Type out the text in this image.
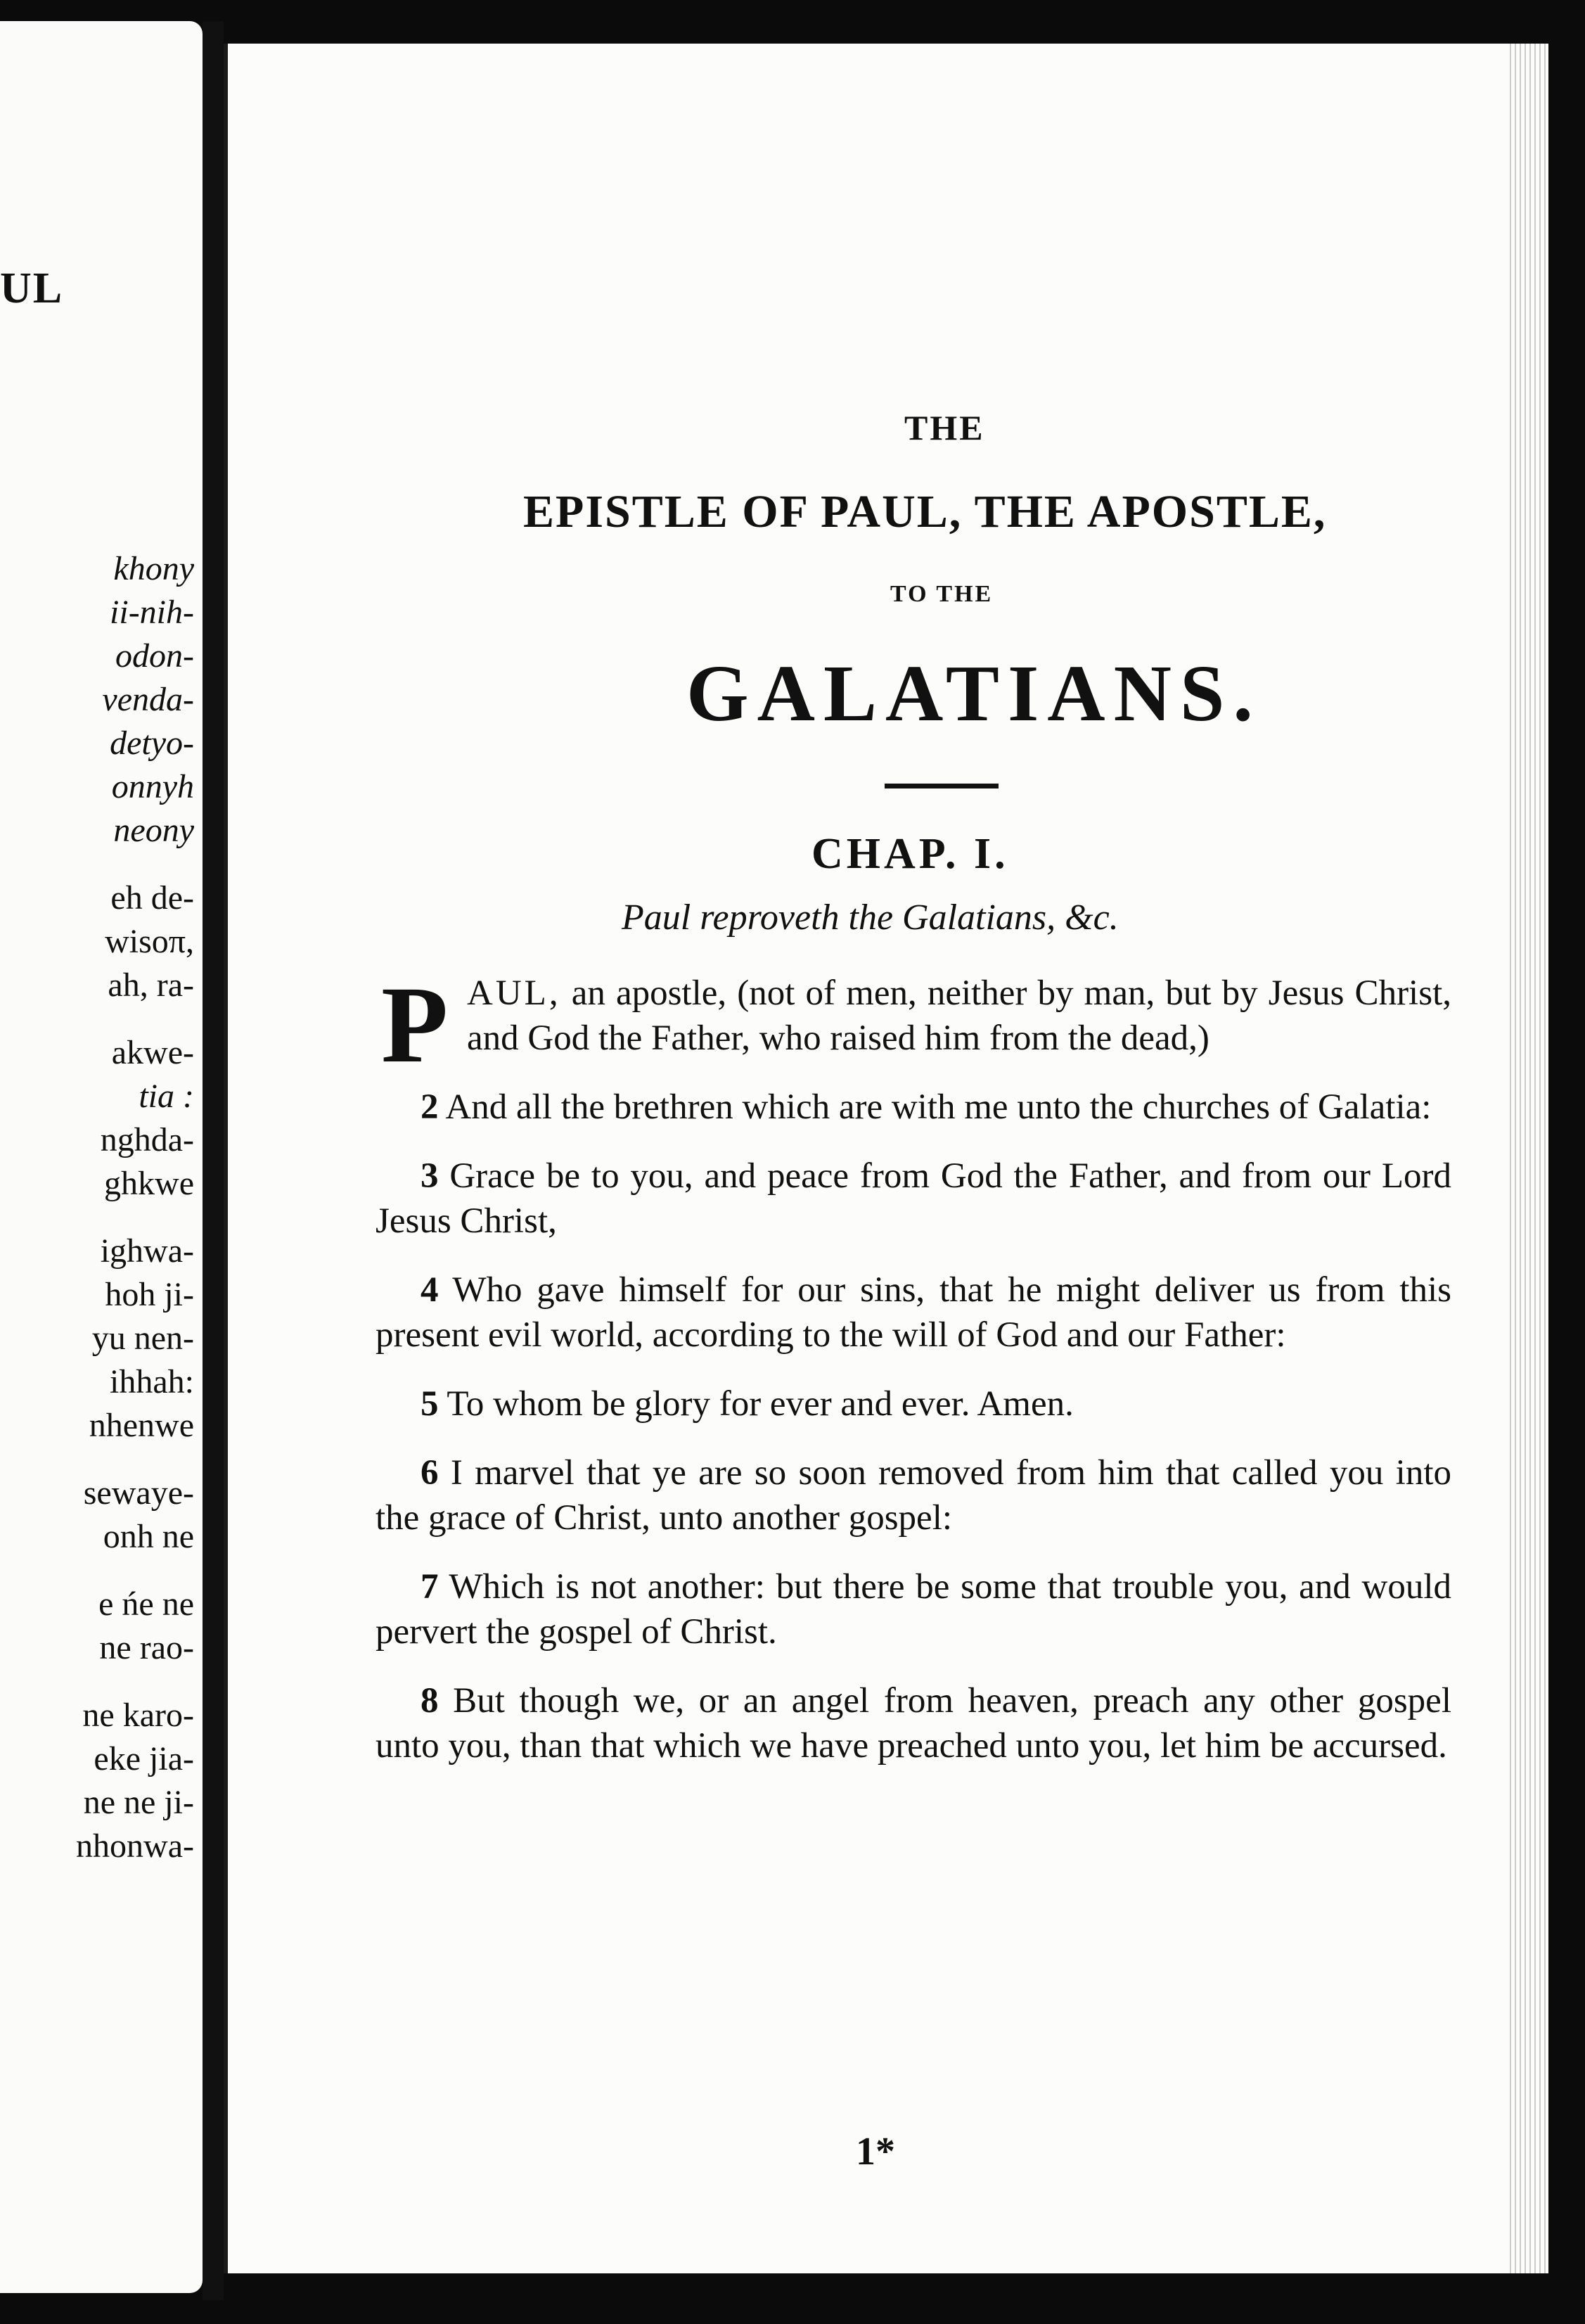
UL
khony
ii-nih-
odon-
venda-
detyo-
onnyh
neony
eh de-
wisoπ,
ah, ra-
akwe-
tia :
nghda-
ghkwe
ighwa-
hoh ji-
yu nen-
ihhah:
nhenwe
sewaye-
onh ne
e ńe ne
ne rao-
ne karo-
eke jia-
ne ne ji-
nhonwa-
THE
EPISTLE OF PAUL, THE APOSTLE,
TO THE
GALATIANS.
CHAP. I.
Paul reproveth the Galatians, &c.
P AUL, an apostle, (not of men, neither by man, but by Jesus Christ, and God the Father, who raised him from the dead,)
2 And all the brethren which are with me unto the churches of Galatia:
3 Grace be to you, and peace from God the Father, and from our Lord Jesus Christ,
4 Who gave himself for our sins, that he might deliver us from this present evil world, according to the will of God and our Father:
5 To whom be glory for ever and ever. Amen.
6 I marvel that ye are so soon removed from him that called you into the grace of Christ, unto another gospel:
7 Which is not another: but there be some that trouble you, and would pervert the gospel of Christ.
8 But though we, or an angel from heaven, preach any other gospel unto you, than that which we have preached unto you, let him be accursed.
1*
